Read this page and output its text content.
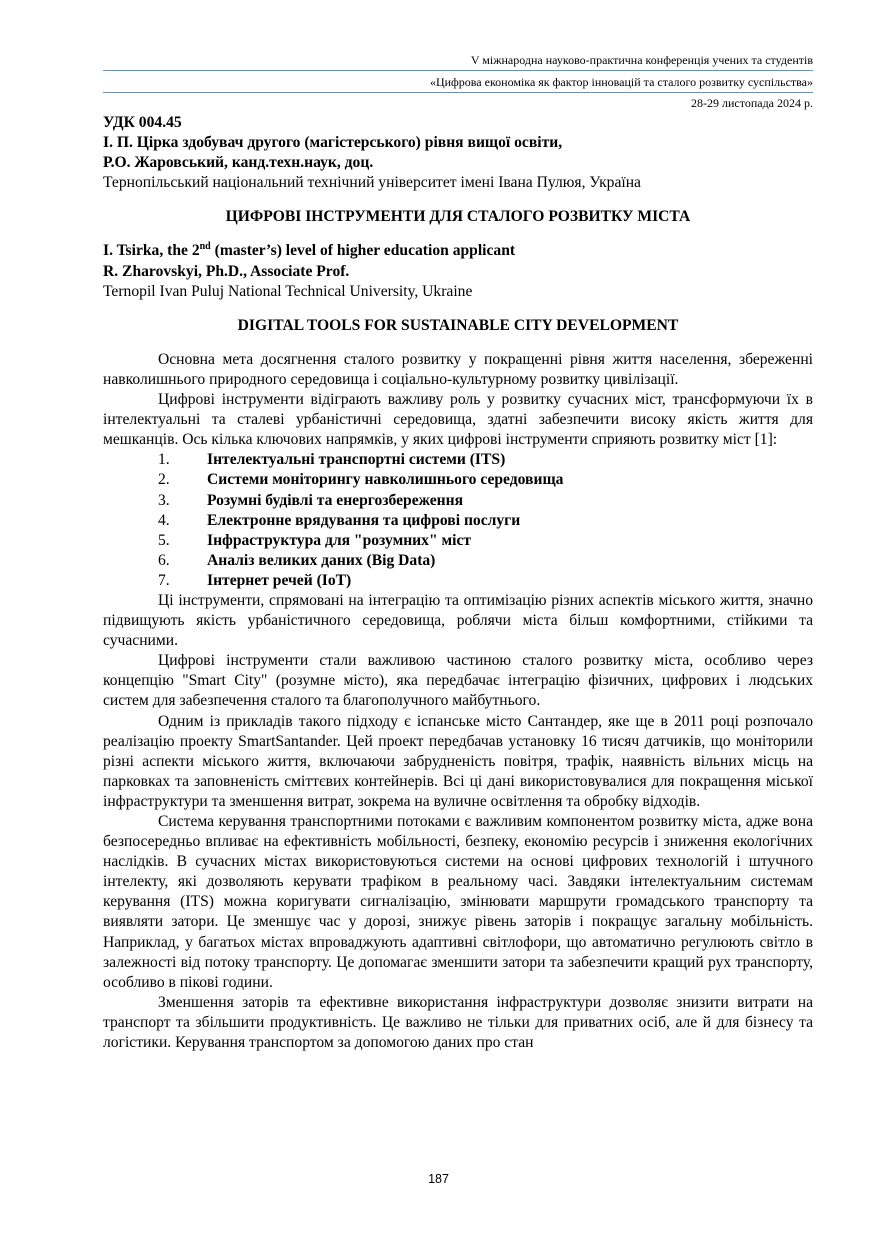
V міжнародна науково-практична конференція учених та студентів
«Цифрова економіка як фактор інновацій та сталого розвитку суспільства»
28-29 листопада 2024 р.
УДК 004.45
І. П. Цірка здобувач другого (магістерського) рівня вищої освіти,
Р.О. Жаровський, канд.техн.наук, доц.
Тернопільський національний технічний університет імені Івана Пулюя, Україна
ЦИФРОВІ ІНСТРУМЕНТИ ДЛЯ СТАЛОГО РОЗВИТКУ МІСТА
I. Tsirka, the 2nd (master’s) level of higher education applicant
R. Zharovskyi, Ph.D., Associate Prof.
Ternopil Ivan Puluj National Technical University, Ukraine
DIGITAL TOOLS FOR SUSTAINABLE CITY DEVELOPMENT

Основна мета досягнення сталого розвитку у покращенні рівня життя населення, збереженні навколишнього природного середовища і соціально-культурному розвитку цивілізації.

Цифрові інструменти відіграють важливу роль у розвитку сучасних міст, трансформуючи їх в інтелектуальні та сталеві урбаністичні середовища, здатні забезпечити високу якість життя для мешканців. Ось кілька ключових напрямків, у яких цифрові інструменти сприяють розвитку міст [1]:

1. Інтелектуальні транспортні системи (ITS)
2. Системи моніторингу навколишнього середовища
3. Розумні будівлі та енергозбереження
4. Електронне врядування та цифрові послуги
5. Інфраструктура для "розумних" міст
6. Аналіз великих даних (Big Data)
7. Інтернет речей (IoT)

Ці інструменти, спрямовані на інтеграцію та оптимізацію різних аспектів міського життя, значно підвищують якість урбаністичного середовища, роблячи міста більш комфортними, стійкими та сучасними.

Цифрові інструменти стали важливою частиною сталого розвитку міста, особливо через концепцію "Smart City" (розумне місто), яка передбачає інтеграцію фізичних, цифрових і людських систем для забезпечення сталого та благополучного майбутнього.

Одним із прикладів такого підходу є іспанське місто Сантандер, яке ще в 2011 році розпочало реалізацію проекту SmartSantander. Цей проект передбачав установку 16 тисяч датчиків, що моніторили різні аспекти міського життя, включаючи забрудненість повітря, трафік, наявність вільних місць на парковках та заповненість сміттєвих контейнерів. Всі ці дані використовувалися для покращення міської інфраструктури та зменшення витрат, зокрема на вуличне освітлення та обробку відходів.

Система керування транспортними потоками є важливим компонентом розвитку міста, адже вона безпосередньо впливає на ефективність мобільності, безпеку, економію ресурсів і зниження екологічних наслідків. В сучасних містах використовуються системи на основі цифрових технологій і штучного інтелекту, які дозволяють керувати трафіком в реальному часі. Завдяки інтелектуальним системам керування (ITS) можна коригувати сигналізацію, змінювати маршрути громадського транспорту та виявляти затори. Це зменшує час у дорозі, знижує рівень заторів і покращує загальну мобільність. Наприклад, у багатьох містах впроваджують адаптивні світлофори, що автоматично регулюють світло в залежності від потоку транспорту. Це допомагає зменшити затори та забезпечити кращий рух транспорту, особливо в пікові години.

Зменшення заторів та ефективне використання інфраструктури дозволяє знизити витрати на транспорт та збільшити продуктивність. Це важливо не тільки для приватних осіб, але й для бізнесу та логістики. Керування транспортом за допомогою даних про стан

187
